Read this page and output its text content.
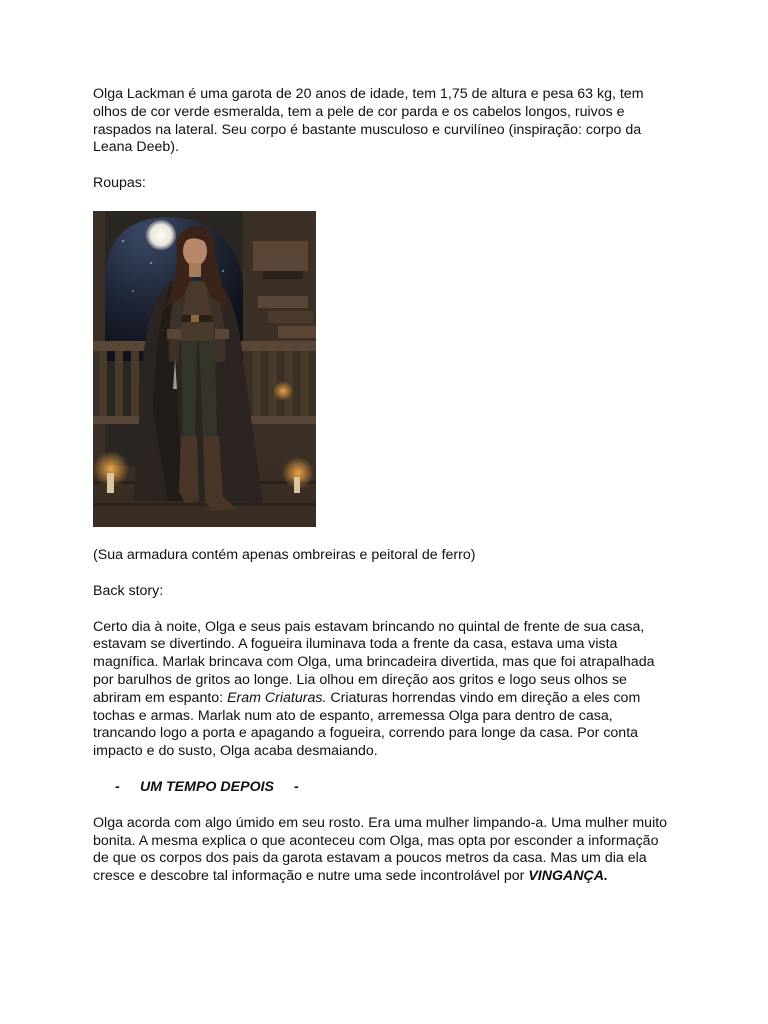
Olga Lackman é uma garota de 20 anos de idade, tem 1,75 de altura e pesa 63 kg, tem

olhos de cor verde esmeralda, tem a pele de cor parda e os cabelos longos, ruivos e

raspados na lateral. Seu corpo é bastante musculoso e curvilíneo (inspiração: corpo da

Leana Deeb).

Roupas:

(Sua armadura contém apenas ombreiras e peitoral de ferro)

Back story:

Certo dia à noite, Olga e seus pais estavam brincando no quintal de frente de sua casa,

estavam se divertindo. A fogueira iluminava toda a frente da casa, estava uma vista

magnífica. Marlak brincava com Olga, uma brincadeira divertida, mas que foi atrapalhada

por barulhos de gritos ao longe. Lia olhou em direção aos gritos e logo seus olhos se

abriram em espanto: Eram Criaturas. Criaturas horrendas vindo em direção a eles com

tochas e armas. Marlak num ato de espanto, arremessa Olga para dentro de casa,

trancando logo a porta e apagando a fogueira, correndo para longe da casa. Por conta

impacto e do susto, Olga acaba desmaiando.

- UM TEMPO DEPOIS -

Olga acorda com algo úmido em seu rosto. Era uma mulher limpando-a. Uma mulher muito

bonita. A mesma explica o que aconteceu com Olga, mas opta por esconder a informação

de que os corpos dos pais da garota estavam a poucos metros da casa. Mas um dia ela

cresce e descobre tal informação e nutre uma sede incontrolável por VINGANÇA.
